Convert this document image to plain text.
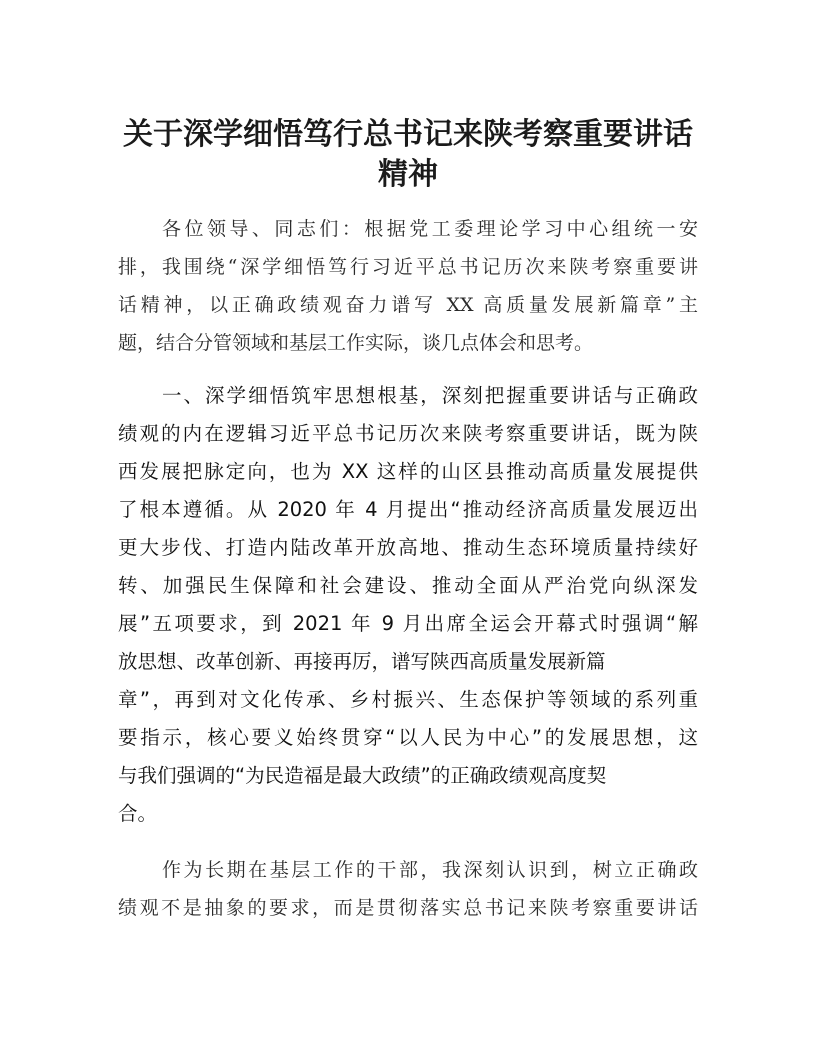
关于深学细悟笃行总书记来陕考察重要讲话
精神
各位领导、同志们：根据党工委理论学习中心组统一安
排，我围绕“深学细悟笃行习近平总书记历次来陕考察重要讲
话精神，以正确政绩观奋力谱写 XX 高质量发展新篇章”主
题，结合分管领域和基层工作实际，谈几点体会和思考。
一、深学细悟筑牢思想根基，深刻把握重要讲话与正确政
绩观的内在逻辑习近平总书记历次来陕考察重要讲话，既为陕
西发展把脉定向，也为 XX 这样的山区县推动高质量发展提供
了根本遵循。从 2020 年 4 月提出“推动经济高质量发展迈出
更大步伐、打造内陆改革开放高地、推动生态环境质量持续好
转、加强民生保障和社会建设、推动全面从严治党向纵深发
展”五项要求，到 2021 年 9 月出席全运会开幕式时强调“解
放思想、改革创新、再接再厉，谱写陕西高质量发展新篇
章”，再到对文化传承、乡村振兴、生态保护等领域的系列重
要指示，核心要义始终贯穿“以人民为中心”的发展思想，这
与我们强调的“为民造福是最大政绩”的正确政绩观高度契
合。
作为长期在基层工作的干部，我深刻认识到，树立正确政
绩观不是抽象的要求，而是贯彻落实总书记来陕考察重要讲话
